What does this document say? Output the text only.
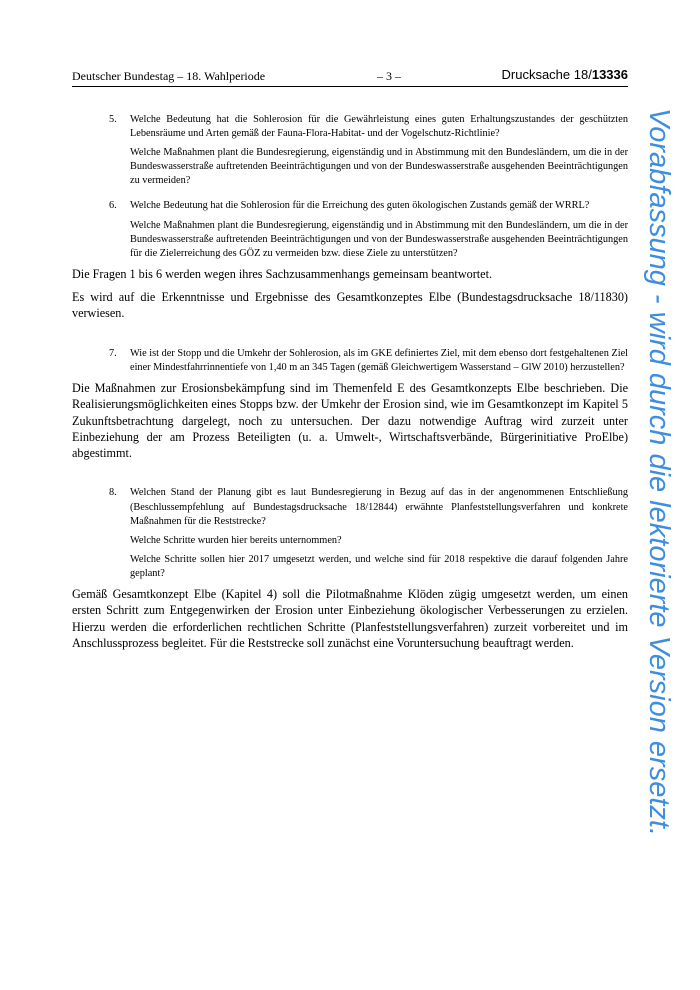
Deutscher Bundestag – 18. Wahlperiode	– 3 –	Drucksache 18/13336
5. Welche Bedeutung hat die Sohlerosion für die Gewährleistung eines guten Erhaltungszustandes der geschützten Lebensräume und Arten gemäß der Fauna-Flora-Habitat- und der Vogelschutz-Richtlinie?

Welche Maßnahmen plant die Bundesregierung, eigenständig und in Abstimmung mit den Bundesländern, um die in der Bundeswasserstraße auftretenden Beeinträchtigungen und von der Bundeswasserstraße ausgehenden Beeinträchtigungen zu vermeiden?

6. Welche Bedeutung hat die Sohlerosion für die Erreichung des guten ökologischen Zustands gemäß der WRRL?

Welche Maßnahmen plant die Bundesregierung, eigenständig und in Abstimmung mit den Bundesländern, um die in der Bundeswasserstraße auftretenden Beeinträchtigungen und von der Bundeswasserstraße ausgehenden Beeinträchtigungen für die Zielerreichung des GÖZ zu vermeiden bzw. diese Ziele zu unterstützen?

Die Fragen 1 bis 6 werden wegen ihres Sachzusammenhangs gemeinsam beantwortet.

Es wird auf die Erkenntnisse und Ergebnisse des Gesamtkonzeptes Elbe (Bundestagsdrucksache 18/11830) verwiesen.

7. Wie ist der Stopp und die Umkehr der Sohlerosion, als im GKE definiertes Ziel, mit dem ebenso dort festgehaltenen Ziel einer Mindestfahrrinnentiefe von 1,40 m an 345 Tagen (gemäß Gleichwertigem Wasserstand – GlW 2010) herzustellen?

Die Maßnahmen zur Erosionsbekämpfung sind im Themenfeld E des Gesamtkonzepts Elbe beschrieben. Die Realisierungsmöglichkeiten eines Stopps bzw. der Umkehr der Erosion sind, wie im Gesamtkonzept im Kapitel 5 Zukunftsbetrachtung dargelegt, noch zu untersuchen. Der dazu notwendige Auftrag wird zurzeit unter Einbeziehung der am Prozess Beteiligten (u. a. Umwelt-, Wirtschaftsverbände, Bürgerinitiative ProElbe) abgestimmt.

8. Welchen Stand der Planung gibt es laut Bundesregierung in Bezug auf das in der angenommenen Entschließung (Beschlussempfehlung auf Bundestagsdrucksache 18/12844) erwähnte Planfeststellungsverfahren und konkrete Maßnahmen für die Reststrecke?

Welche Schritte wurden hier bereits unternommen?

Welche Schritte sollen hier 2017 umgesetzt werden, und welche sind für 2018 respektive die darauf folgenden Jahre geplant?

Gemäß Gesamtkonzept Elbe (Kapitel 4) soll die Pilotmaßnahme Klöden zügig umgesetzt werden, um einen ersten Schritt zum Entgegenwirken der Erosion unter Einbeziehung ökologischer Verbesserungen zu erzielen. Hierzu werden die erforderlichen rechtlichen Schritte (Planfeststellungsverfahren) zurzeit vorbereitet und im Anschlussprozess begleitet. Für die Reststrecke soll zunächst eine Voruntersuchung beauftragt werden.	Vorabfassung - wird durch die lektorierte Version ersetzt.
